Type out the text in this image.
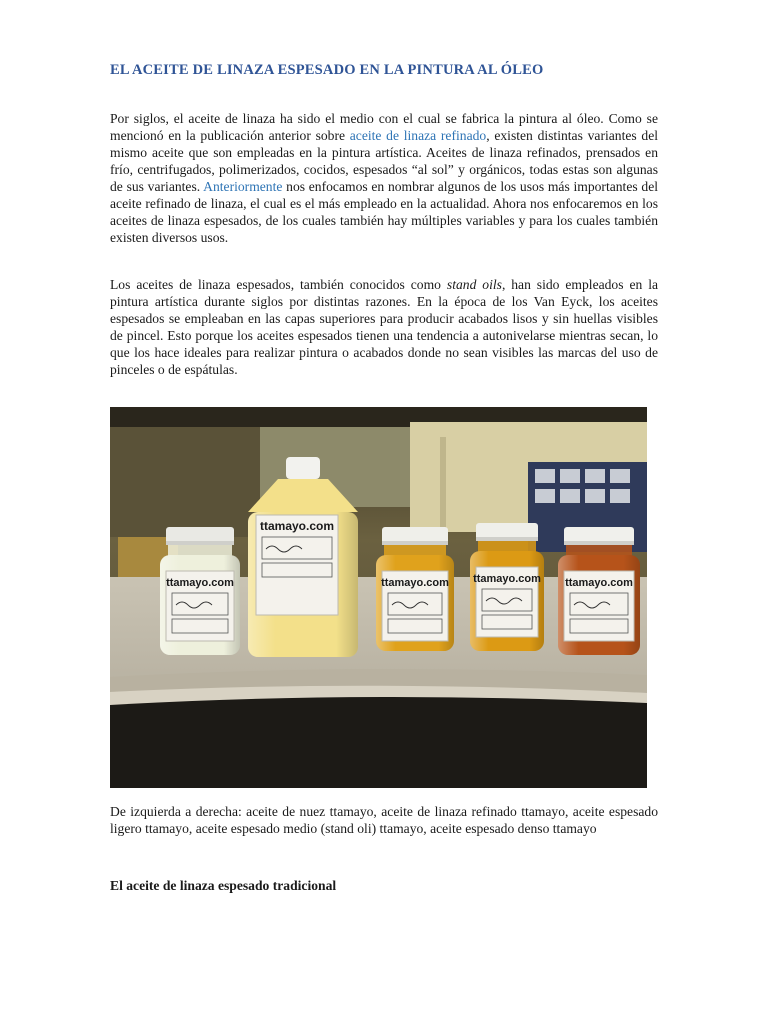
EL ACEITE DE LINAZA ESPESADO EN LA PINTURA AL ÓLEO

Por siglos, el aceite de linaza ha sido el medio con el cual se fabrica la pintura al óleo. Como se mencionó en la publicación anterior sobre aceite de linaza refinado, existen distintas variantes del mismo aceite que son empleadas en la pintura artística. Aceites de linaza refinados, prensados en frío, centrifugados, polimerizados, cocidos, espesados “al sol” y orgánicos, todas estas son algunas de sus variantes. Anteriormente nos enfocamos en nombrar algunos de los usos más importantes del aceite refinado de linaza, el cual es el más empleado en la actualidad. Ahora nos enfocaremos en los aceites de linaza espesados, de los cuales también hay múltiples variables y para los cuales también existen diversos usos.

Los aceites de linaza espesados, también conocidos como stand oils, han sido empleados en la pintura artística durante siglos por distintas razones. En la época de los Van Eyck, los aceites espesados se empleaban en las capas superiores para producir acabados lisos y sin huellas visibles de pincel. Esto porque los aceites espesados tienen una tendencia a autonivelarse mientras secan, lo que los hace ideales para realizar pintura o acabados donde no sean visibles las marcas del uso de pinceles o de espátulas.

ttamayo.com
ttamayo.com
ttamayo.com ttamayo.com ttamayo.com

De izquierda a derecha: aceite de nuez ttamayo, aceite de linaza refinado ttamayo, aceite espesado ligero ttamayo, aceite espesado medio (stand oli) ttamayo, aceite espesado denso ttamayo

El aceite de linaza espesado tradicional
